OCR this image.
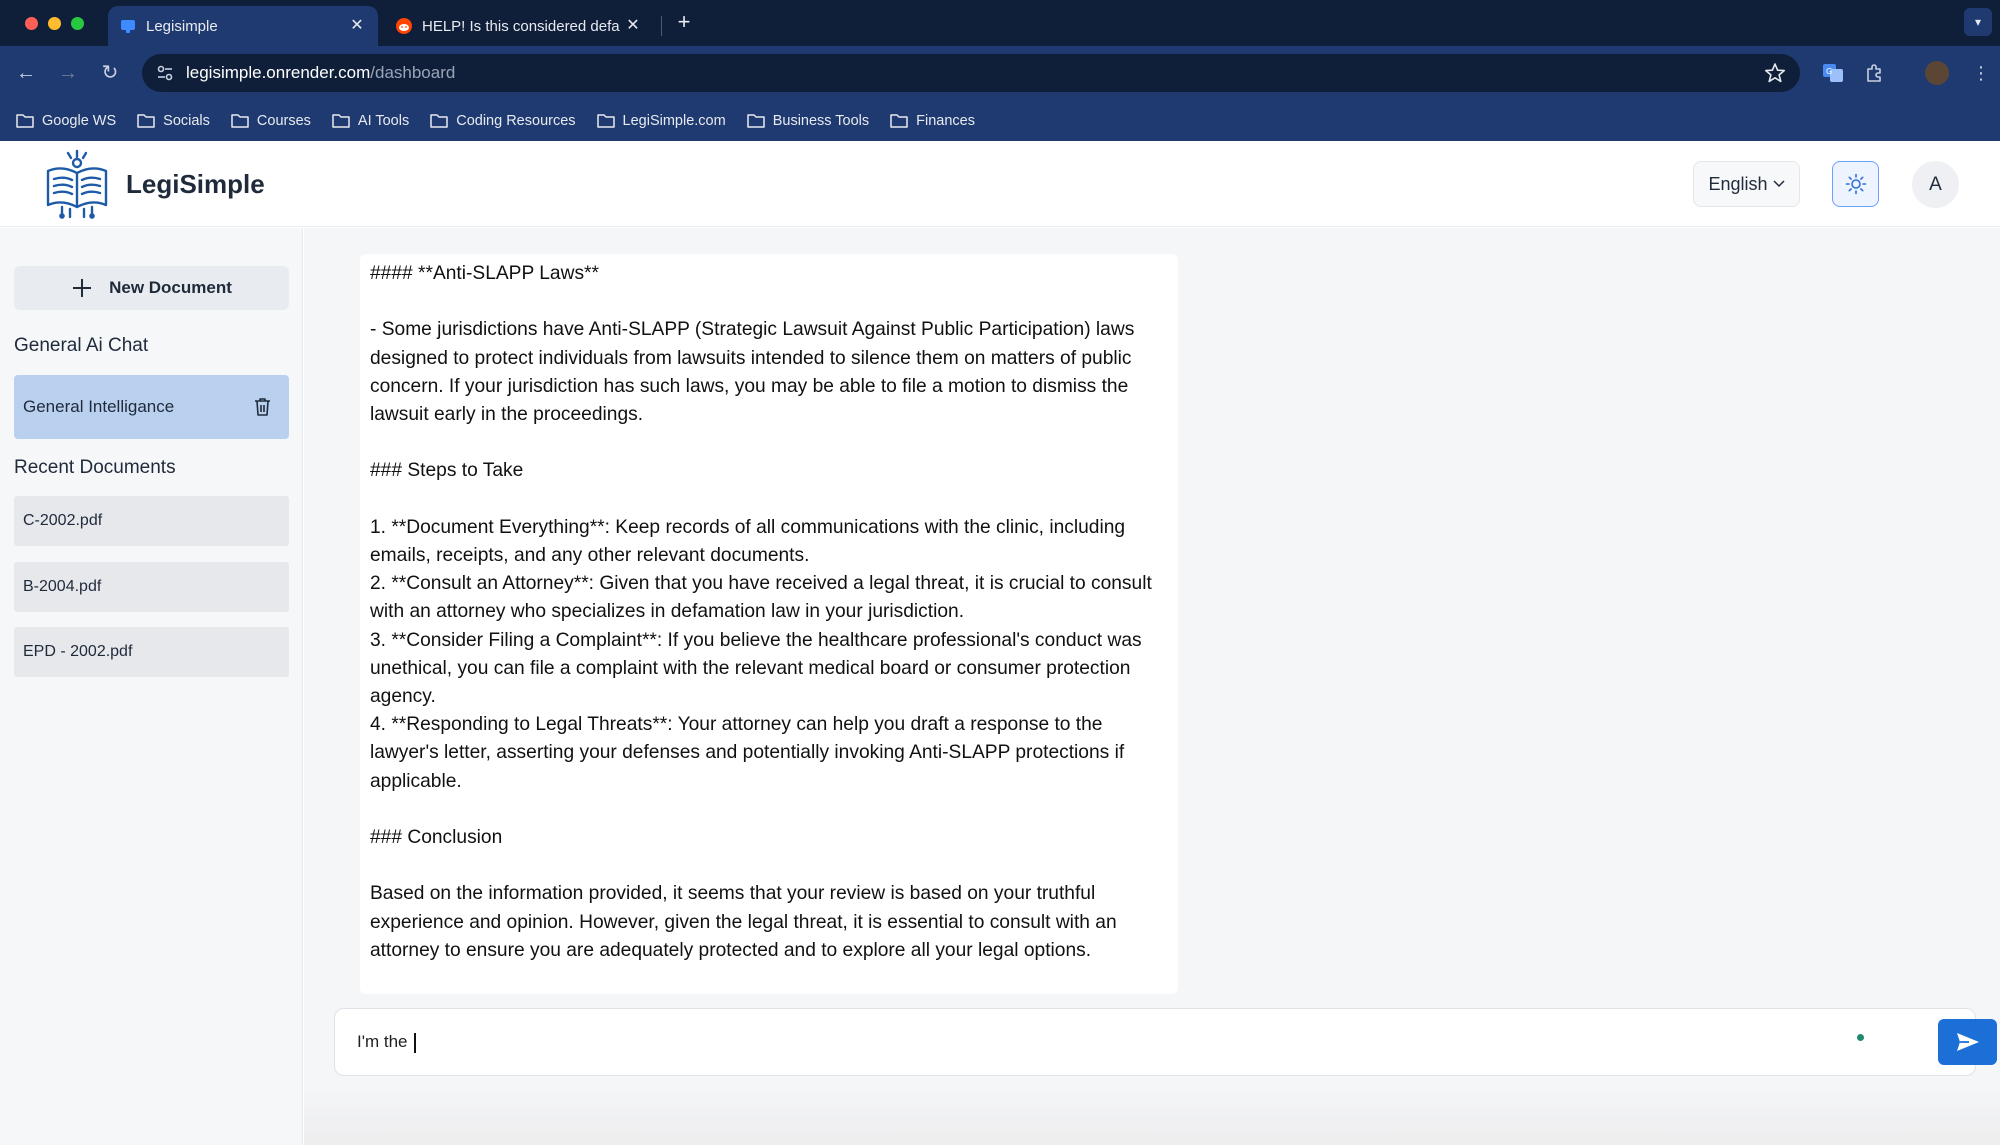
Legisimple	✕	HELP! Is this considered defa ✕ +	▾
← → ↻	legisimple.onrender.com/dashboard	G	⋮
Google WS	Socials	Courses	AI Tools	Coding Resources	LegiSimple.com	Business Tools	Finances
LegiSimple	English	A
New Document
General Ai Chat
General Intelligance
Recent Documents
C-2002.pdf
B-2004.pdf
EPD - 2002.pdf

#### **Anti-SLAPP Laws**

- Some jurisdictions have Anti-SLAPP (Strategic Lawsuit Against Public Participation) laws designed to protect individuals from lawsuits intended to silence them on matters of public concern. If your jurisdiction has such laws, you may be able to file a motion to dismiss the lawsuit early in the proceedings.

### Steps to Take

1. **Document Everything**: Keep records of all communications with the clinic, including emails, receipts, and any other relevant documents.

2. **Consult an Attorney**: Given that you have received a legal threat, it is crucial to consult with an attorney who specializes in defamation law in your jurisdiction.

3. **Consider Filing a Complaint**: If you believe the healthcare professional's conduct was unethical, you can file a complaint with the relevant medical board or consumer protection agency.

4. **Responding to Legal Threats**: Your attorney can help you draft a response to the lawyer's letter, asserting your defenses and potentially invoking Anti-SLAPP protections if applicable.

### Conclusion

Based on the information provided, it seems that your review is based on your truthful experience and opinion. However, given the legal threat, it is essential to consult with an attorney to ensure you are adequately protected and to explore all your legal options.

I'm the
